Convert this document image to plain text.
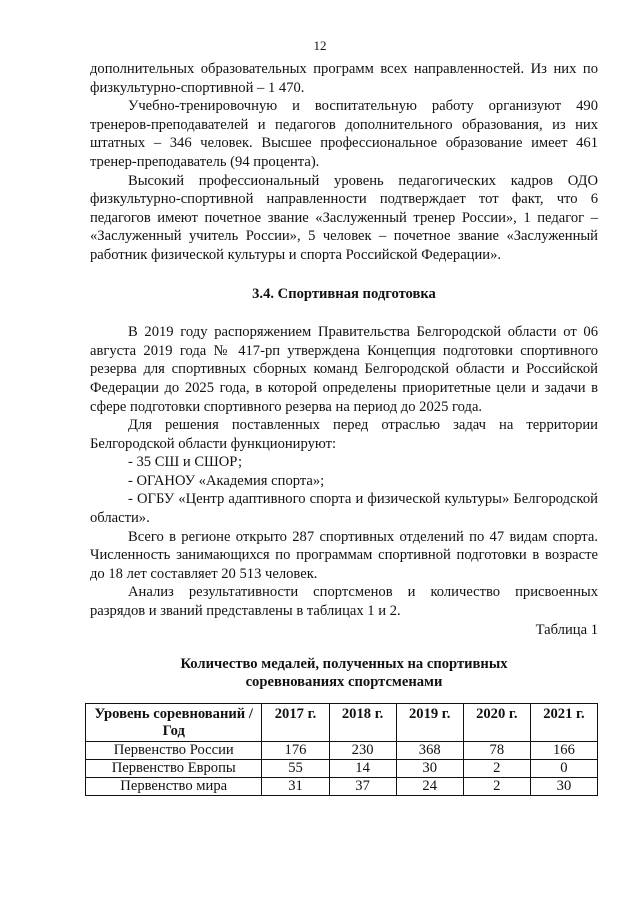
12

дополнительных образовательных программ всех направленностей. Из них по физкультурно-спортивной – 1 470.

Учебно-тренировочную и воспитательную работу организуют 490 тренеров-преподавателей и педагогов дополнительного образования, из них штатных – 346 человек. Высшее профессиональное образование имеет 461 тренер-преподаватель (94 процента).

Высокий профессиональный уровень педагогических кадров ОДО физкультурно-спортивной направленности подтверждает тот факт, что 6 педагогов имеют почетное звание «Заслуженный тренер России», 1 педагог – «Заслуженный учитель России», 5 человек – почетное звание «Заслуженный работник физической культуры и спорта Российской Федерации».

3.4. Спортивная подготовка

В 2019 году распоряжением Правительства Белгородской области от 06 августа 2019 года № 417-рп утверждена Концепция подготовки спортивного резерва для спортивных сборных команд Белгородской области и Российской Федерации до 2025 года, в которой определены приоритетные цели и задачи в сфере подготовки спортивного резерва на период до 2025 года.

Для решения поставленных перед отраслью задач на территории Белгородской области функционируют:

- 35 СШ и СШОР;

- ОГАНОУ «Академия спорта»;

- ОГБУ «Центр адаптивного спорта и физической культуры» Белгородской области».

Всего в регионе открыто 287 спортивных отделений по 47 видам спорта. Численность занимающихся по программам спортивной подготовки в возрасте до 18 лет составляет 20 513 человек.

Анализ результативности спортсменов и количество присвоенных разрядов и званий представлены в таблицах 1 и 2.

Таблица 1

Количество медалей, полученных на спортивных соревнованиях спортсменами
Уровень соревнований / Год	2017 г.	2018 г.	2019 г.	2020 г.	2021 г.
Первенство России	176	230	368	78	166
Первенство Европы	55	14	30	2	0
Первенство мира	31	37	24	2	30
